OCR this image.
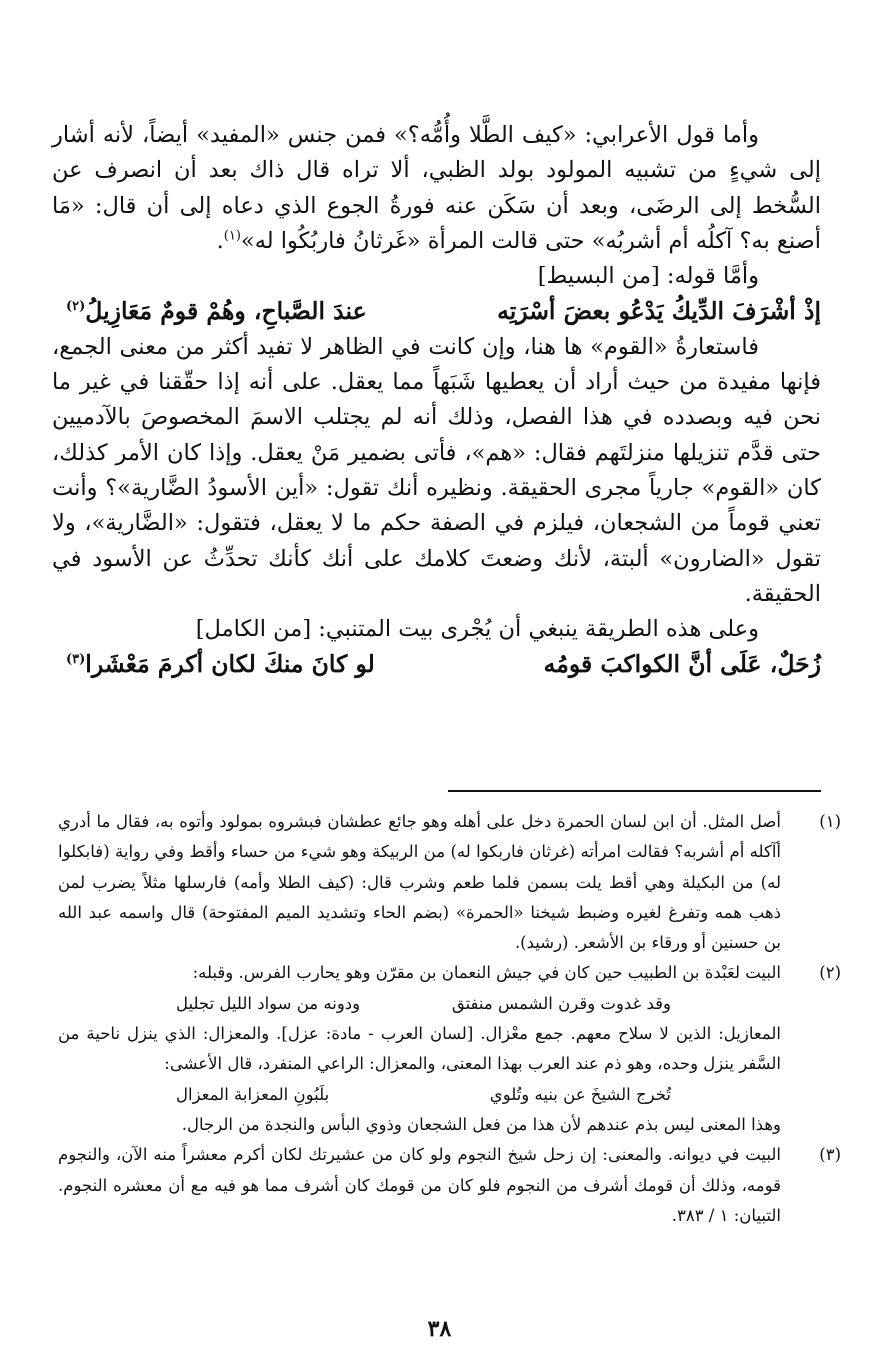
وأما قول الأعرابي: «كيف الطَّلا وأُمُّه؟» فمن جنس «المفيد» أيضاً، لأنه أشار إلى شيءٍ من تشبيه المولود بولد الظبي، ألا تراه قال ذاك بعد أن انصرف عن السُّخط إلى الرضَى، وبعد أن سَكَن عنه فورةُ الجوع الذي دعاه إلى أن قال: «مَا أصنع به؟ آكلُه أم أشربُه» حتى قالت المرأة «غَرثانُ فاربُكُوا له»$^{(١)}$.

وأمَّا قوله: [من البسيط]

إذْ أشْرَفَ الدِّيكُ يَدْعُو بعضَ أسْرَتِه
عندَ الصَّباحِ، وهُمْ قومٌ مَعَازِيلُ$^{(٢)}$

فاستعارةُ «القوم» ها هنا، وإن كانت في الظاهر لا تفيد أكثر من معنى الجمع، فإنها مفيدة من حيث أراد أن يعطيها شَبَهاً مما يعقل. على أنه إذا حقّقنا في غير ما نحن فيه وبصدده في هذا الفصل، وذلك أنه لم يجتلب الاسمَ المخصوصَ بالآدميين حتى قدَّم تنزيلها منزلتَهم فقال: «هم»، فأتى بضمير مَنْ يعقل. وإذا كان الأمر كذلك، كان «القوم» جارياً مجرى الحقيقة. ونظيره أنك تقول: «أين الأسودُ الضَّارية»؟ وأنت تعني قوماً من الشجعان، فيلزم في الصفة حكم ما لا يعقل، فتقول: «الضَّارية»، ولا تقول «الضارون» ألبتة، لأنك وضعتَ كلامك على أنك كأنك تحدِّثُ عن الأسود في الحقيقة.

وعلى هذه الطريقة ينبغي أن يُجْرى بيت المتنبي: [من الكامل]

زُحَلٌ، عَلَى أنَّ الكواكبَ قومُه
لو كانَ منكَ لكان أكرمَ مَعْشَرا$^{(٣)}$
(١)

أصل المثل. أن ابن لسان الحمرة دخل على أهله وهو جائع عطشان فبشروه بمولود وأتوه به، فقال ما أدري أآكله أم أشربه؟ فقالت امرأته (غرثان فاربكوا له) من الربيكة وهو شيء من حساء وأقط وفي رواية (فابكلوا له) من البكيلة وهي أقط يلت بسمن فلما طعم وشرب قال: (كيف الطلا وأمه) فارسلها مثلاً يضرب لمن ذهب همه وتفرغ لغيره وضبط شيخنا «الحمرة» (بضم الحاء وتشديد الميم المفتوحة) قال واسمه عبد الله بن حسنين أو ورقاء بن الأشعر. (رشيد).

(٢)

البيت لعَبْدة بن الطبيب حين كان في جيش النعمان بن مقرّن وهو يحارب الفرس. وقبله:

وقد غدوت وقرن الشمس منفتق
ودونه من سواد الليل تجليل

المعازيل: الذين لا سلاح معهم. جمع معْزال. [لسان العرب - مادة: عزل]. والمعزال: الذي ينزل ناحية من السَّفر ينزل وحده، وهو ذم عند العرب بهذا المعنى، والمعزال: الراعي المنفرد، قال الأعشى:

تُخرج الشيخَ عن بنيه وتُلوي
بلَبُونِ المعزابة المعزال

وهذا المعنى ليس بذم عندهم لأن هذا من فعل الشجعان وذوي البأس والنجدة من الرجال.

(٣)

البيت في ديوانه. والمعنى: إن زحل شيخ النجوم ولو كان من عشيرتك لكان أكرم معشراً منه الآن، والنجوم قومه، وذلك أن قومك أشرف من النجوم فلو كان من قومك كان أشرف مما هو فيه مع أن معشره النجوم. التبيان: ١ / ٣٨٣.

٣٨
